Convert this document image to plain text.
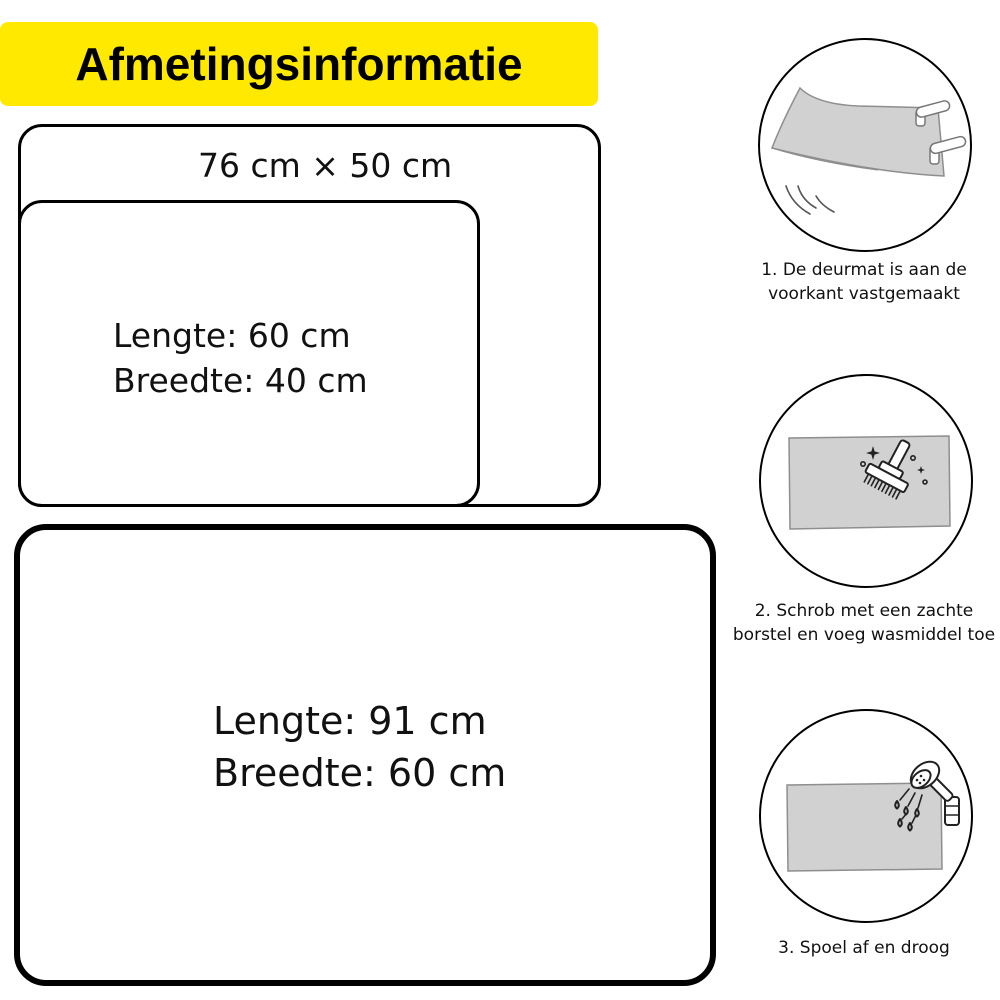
Afmetingsinformatie
76 cm × 50 cm
Lengte: 60 cm
Breedte: 40 cm
Lengte: 91 cm
Breedte: 60 cm
1. De deurmat is aan de
voorkant vastgemaakt
2. Schrob met een zachte
borstel en voeg wasmiddel toe
3. Spoel af en droog
